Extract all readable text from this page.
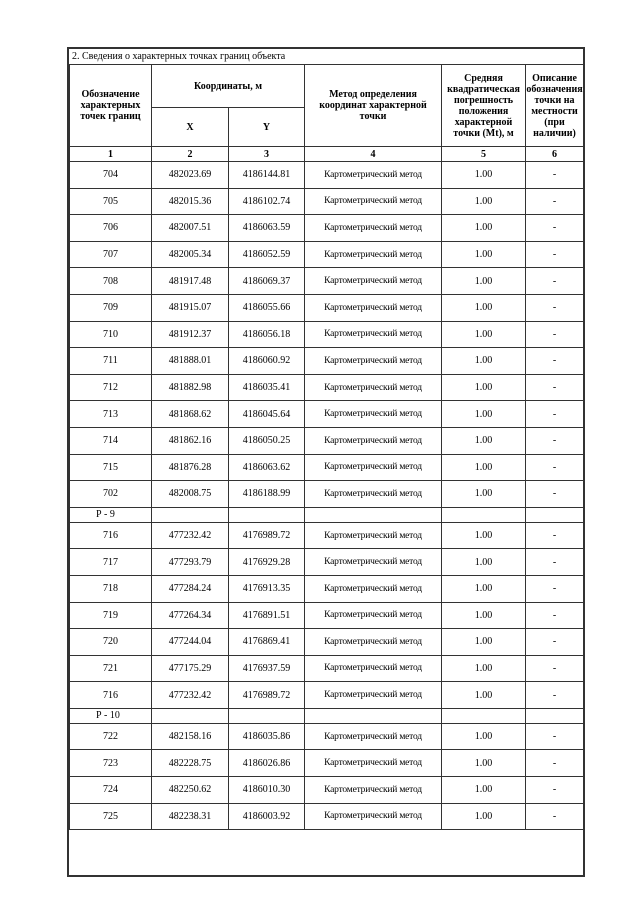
2. Сведения о характерных точках границ объекта
Обозначение характерных точек границ	Координаты, м		Метод определения координат характерной точки	Средняя квадратическая погрешность положения характерной точки (Mt), м	Описание обозначения точки на местности (при наличии)
	X	Y			
1	2	3	4	5	6
704	482023.69	4186144.81	Картометрический метод	1.00	-
705	482015.36	4186102.74	Картометрический метод	1.00	-
706	482007.51	4186063.59	Картометрический метод	1.00	-
707	482005.34	4186052.59	Картометрический метод	1.00	-
708	481917.48	4186069.37	Картометрический метод	1.00	-
709	481915.07	4186055.66	Картометрический метод	1.00	-
710	481912.37	4186056.18	Картометрический метод	1.00	-
711	481888.01	4186060.92	Картометрический метод	1.00	-
712	481882.98	4186035.41	Картометрический метод	1.00	-
713	481868.62	4186045.64	Картометрический метод	1.00	-
714	481862.16	4186050.25	Картометрический метод	1.00	-
715	481876.28	4186063.62	Картометрический метод	1.00	-
702	482008.75	4186188.99	Картометрический метод	1.00	-
Р - 9					
716	477232.42	4176989.72	Картометрический метод	1.00	-
717	477293.79	4176929.28	Картометрический метод	1.00	-
718	477284.24	4176913.35	Картометрический метод	1.00	-
719	477264.34	4176891.51	Картометрический метод	1.00	-
720	477244.04	4176869.41	Картометрический метод	1.00	-
721	477175.29	4176937.59	Картометрический метод	1.00	-
716	477232.42	4176989.72	Картометрический метод	1.00	-
Р - 10					
722	482158.16	4186035.86	Картометрический метод	1.00	-
723	482228.75	4186026.86	Картометрический метод	1.00	-
724	482250.62	4186010.30	Картометрический метод	1.00	-
725	482238.31	4186003.92	Картометрический метод	1.00	-
